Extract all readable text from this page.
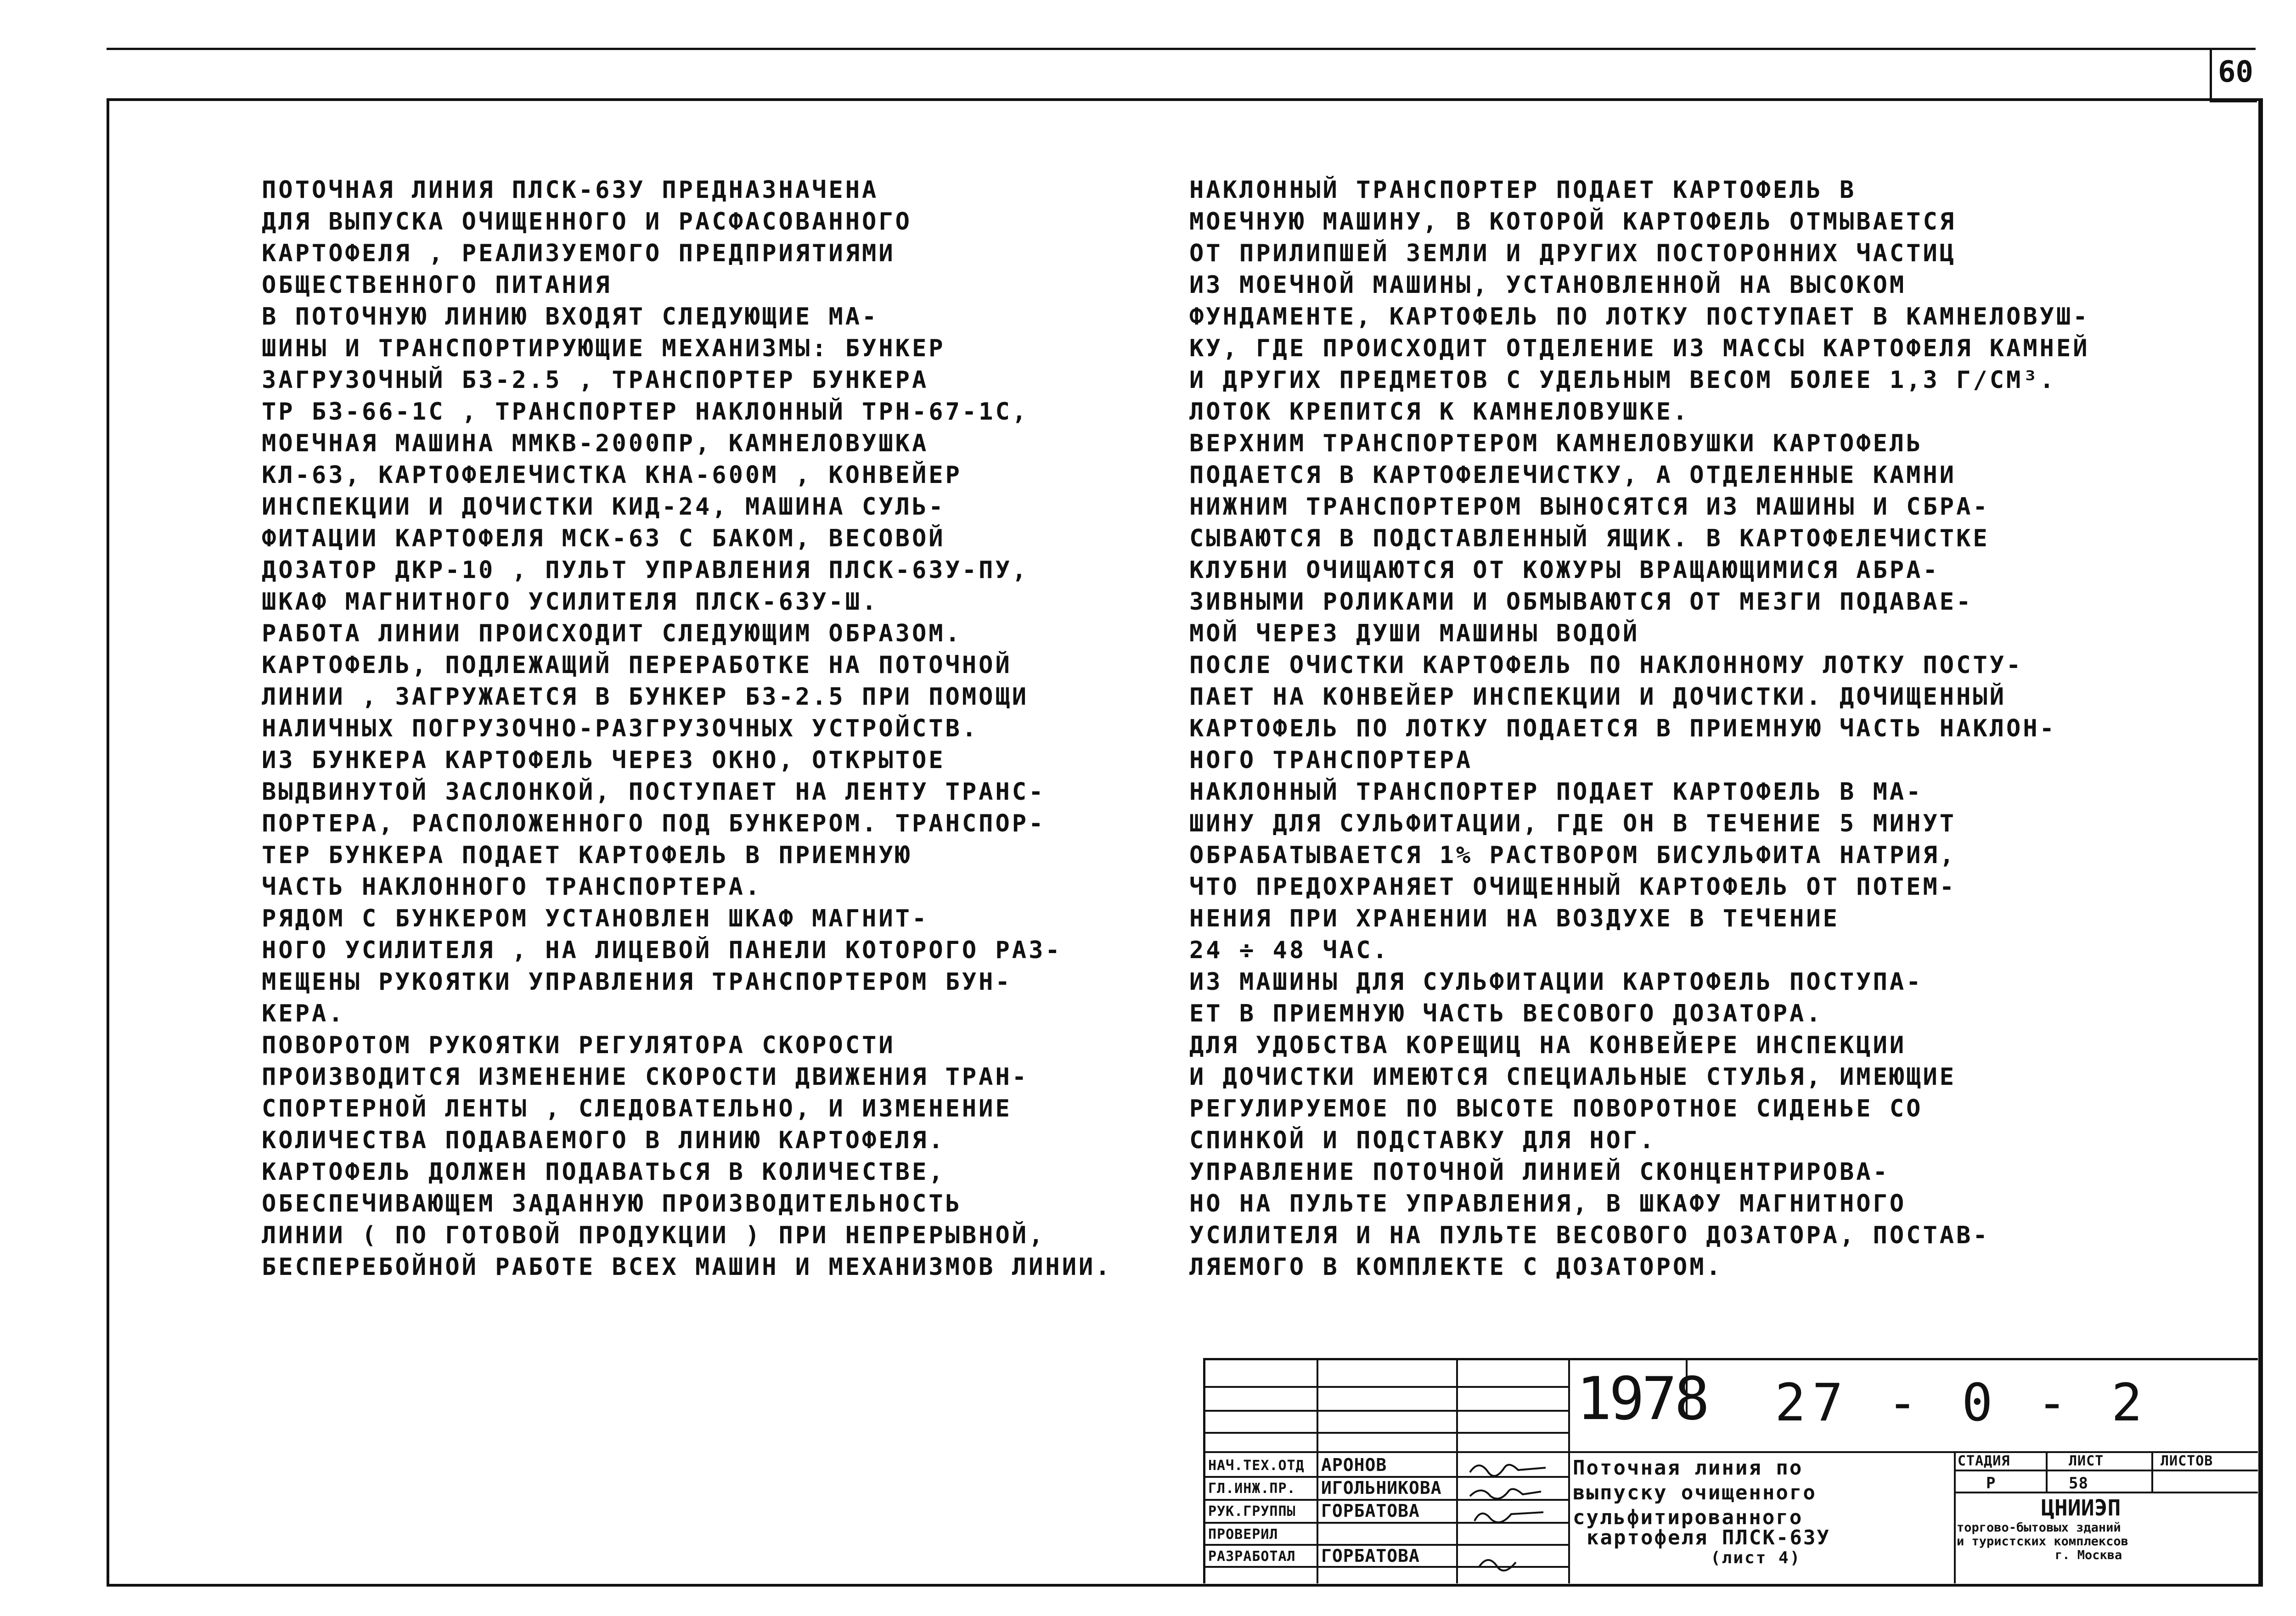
60
ПОТОЧНАЯ ЛИНИЯ ПЛСК-63У ПРЕДНАЗНАЧЕНА
ДЛЯ ВЫПУСКА ОЧИЩЕННОГО И РАСФАСОВАННОГО
КАРТОФЕЛЯ , РЕАЛИЗУЕМОГО ПРЕДПРИЯТИЯМИ
ОБЩЕСТВЕННОГО ПИТАНИЯ
В ПОТОЧНУЮ ЛИНИЮ ВХОДЯТ СЛЕДУЮЩИЕ МА-
ШИНЫ И ТРАНСПОРТИРУЮЩИЕ МЕХАНИЗМЫ: БУНКЕР
ЗАГРУЗОЧНЫЙ БЗ-2.5 , ТРАНСПОРТЕР БУНКЕРА
ТР БЗ-66-1С , ТРАНСПОРТЕР НАКЛОННЫЙ ТРН-67-1С,
МОЕЧНАЯ МАШИНА ММКВ-2000ПР, КАМНЕЛОВУШКА
КЛ-63, КАРТОФЕЛЕЧИСТКА КНА-600М , КОНВЕЙЕР
ИНСПЕКЦИИ И ДОЧИСТКИ КИД-24, МАШИНА СУЛЬ-
ФИТАЦИИ КАРТОФЕЛЯ МСК-63 С БАКОМ, ВЕСОВОЙ
ДОЗАТОР ДКР-10 , ПУЛЬТ УПРАВЛЕНИЯ ПЛСК-63У-ПУ,
ШКАФ МАГНИТНОГО УСИЛИТЕЛЯ ПЛСК-63У-Ш.
РАБОТА ЛИНИИ ПРОИСХОДИТ СЛЕДУЮЩИМ ОБРАЗОМ.
КАРТОФЕЛЬ, ПОДЛЕЖАЩИЙ ПЕРЕРАБОТКЕ НА ПОТОЧНОЙ
ЛИНИИ , ЗАГРУЖАЕТСЯ В БУНКЕР БЗ-2.5 ПРИ ПОМОЩИ
НАЛИЧНЫХ ПОГРУЗОЧНО-РАЗГРУЗОЧНЫХ УСТРОЙСТВ.
ИЗ БУНКЕРА КАРТОФЕЛЬ ЧЕРЕЗ ОКНО, ОТКРЫТОЕ
ВЫДВИНУТОЙ ЗАСЛОНКОЙ, ПОСТУПАЕТ НА ЛЕНТУ ТРАНС-
ПОРТЕРА, РАСПОЛОЖЕННОГО ПОД БУНКЕРОМ. ТРАНСПОР-
ТЕР БУНКЕРА ПОДАЕТ КАРТОФЕЛЬ В ПРИЕМНУЮ
ЧАСТЬ НАКЛОННОГО ТРАНСПОРТЕРА.
РЯДОМ С БУНКЕРОМ УСТАНОВЛЕН ШКАФ МАГНИТ-
НОГО УСИЛИТЕЛЯ , НА ЛИЦЕВОЙ ПАНЕЛИ КОТОРОГО РАЗ-
МЕЩЕНЫ РУКОЯТКИ УПРАВЛЕНИЯ ТРАНСПОРТЕРОМ БУН-
КЕРА.
ПОВОРОТОМ РУКОЯТКИ РЕГУЛЯТОРА СКОРОСТИ
ПРОИЗВОДИТСЯ ИЗМЕНЕНИЕ СКОРОСТИ ДВИЖЕНИЯ ТРАН-
СПОРТЕРНОЙ ЛЕНТЫ , СЛЕДОВАТЕЛЬНО, И ИЗМЕНЕНИЕ
КОЛИЧЕСТВА ПОДАВАЕМОГО В ЛИНИЮ КАРТОФЕЛЯ.
КАРТОФЕЛЬ ДОЛЖЕН ПОДАВАТЬСЯ В КОЛИЧЕСТВЕ,
ОБЕСПЕЧИВАЮЩЕМ ЗАДАННУЮ ПРОИЗВОДИТЕЛЬНОСТЬ
ЛИНИИ ( ПО ГОТОВОЙ ПРОДУКЦИИ ) ПРИ НЕПРЕРЫВНОЙ,
БЕСПЕРЕБОЙНОЙ РАБОТЕ ВСЕХ МАШИН И МЕХАНИЗМОВ ЛИНИИ.
НАКЛОННЫЙ ТРАНСПОРТЕР ПОДАЕТ КАРТОФЕЛЬ В
МОЕЧНУЮ МАШИНУ, В КОТОРОЙ КАРТОФЕЛЬ ОТМЫВАЕТСЯ
ОТ ПРИЛИПШЕЙ ЗЕМЛИ И ДРУГИХ ПОСТОРОННИХ ЧАСТИЦ
ИЗ МОЕЧНОЙ МАШИНЫ, УСТАНОВЛЕННОЙ НА ВЫСОКОМ
ФУНДАМЕНТЕ, КАРТОФЕЛЬ ПО ЛОТКУ ПОСТУПАЕТ В КАМНЕЛОВУШ-
КУ, ГДЕ ПРОИСХОДИТ ОТДЕЛЕНИЕ ИЗ МАССЫ КАРТОФЕЛЯ КАМНЕЙ
И ДРУГИХ ПРЕДМЕТОВ С УДЕЛЬНЫМ ВЕСОМ БОЛЕЕ 1,3 Г/СМ³.
ЛОТОК КРЕПИТСЯ К КАМНЕЛОВУШКЕ.
ВЕРХНИМ ТРАНСПОРТЕРОМ КАМНЕЛОВУШКИ КАРТОФЕЛЬ
ПОДАЕТСЯ В КАРТОФЕЛЕЧИСТКУ, А ОТДЕЛЕННЫЕ КАМНИ
НИЖНИМ ТРАНСПОРТЕРОМ ВЫНОСЯТСЯ ИЗ МАШИНЫ И СБРА-
СЫВАЮТСЯ В ПОДСТАВЛЕННЫЙ ЯЩИК. В КАРТОФЕЛЕЧИСТКЕ
КЛУБНИ ОЧИЩАЮТСЯ ОТ КОЖУРЫ ВРАЩАЮЩИМИСЯ АБРА-
ЗИВНЫМИ РОЛИКАМИ И ОБМЫВАЮТСЯ ОТ МЕЗГИ ПОДАВАЕ-
МОЙ ЧЕРЕЗ ДУШИ МАШИНЫ ВОДОЙ
ПОСЛЕ ОЧИСТКИ КАРТОФЕЛЬ ПО НАКЛОННОМУ ЛОТКУ ПОСТУ-
ПАЕТ НА КОНВЕЙЕР ИНСПЕКЦИИ И ДОЧИСТКИ. ДОЧИЩЕННЫЙ
КАРТОФЕЛЬ ПО ЛОТКУ ПОДАЕТСЯ В ПРИЕМНУЮ ЧАСТЬ НАКЛОН-
НОГО ТРАНСПОРТЕРА
НАКЛОННЫЙ ТРАНСПОРТЕР ПОДАЕТ КАРТОФЕЛЬ В МА-
ШИНУ ДЛЯ СУЛЬФИТАЦИИ, ГДЕ ОН В ТЕЧЕНИЕ 5 МИНУТ
ОБРАБАТЫВАЕТСЯ 1% РАСТВОРОМ БИСУЛЬФИТА НАТРИЯ,
ЧТО ПРЕДОХРАНЯЕТ ОЧИЩЕННЫЙ КАРТОФЕЛЬ ОТ ПОТЕМ-
НЕНИЯ ПРИ ХРАНЕНИИ НА ВОЗДУХЕ В ТЕЧЕНИЕ
24 ÷ 48 ЧАС.
ИЗ МАШИНЫ ДЛЯ СУЛЬФИТАЦИИ КАРТОФЕЛЬ ПОСТУПА-
ЕТ В ПРИЕМНУЮ ЧАСТЬ ВЕСОВОГО ДОЗАТОРА.
ДЛЯ УДОБСТВА КОРЕЩИЦ НА КОНВЕЙЕРЕ ИНСПЕКЦИИ
И ДОЧИСТКИ ИМЕЮТСЯ СПЕЦИАЛЬНЫЕ СТУЛЬЯ, ИМЕЮЩИЕ
РЕГУЛИРУЕМОЕ ПО ВЫСОТЕ ПОВОРОТНОЕ СИДЕНЬЕ СО
СПИНКОЙ И ПОДСТАВКУ ДЛЯ НОГ.
УПРАВЛЕНИЕ ПОТОЧНОЙ ЛИНИЕЙ СКОНЦЕНТРИРОВА-
НО НА ПУЛЬТЕ УПРАВЛЕНИЯ, В ШКАФУ МАГНИТНОГО
УСИЛИТЕЛЯ И НА ПУЛЬТЕ ВЕСОВОГО ДОЗАТОРА, ПОСТАВ-
ЛЯЕМОГО В КОМПЛЕКТЕ С ДОЗАТОРОМ.
НАЧ.ТЕХ.ОТД АРОНОВ
ГЛ.ИНЖ.ПР. ИГОЛЬНИКОВА
РУК.ГРУППЫ ГОРБАТОВА
ПРОВЕРИЛ
РАЗРАБОТАЛ ГОРБАТОВА
1978 27 - 0 - 2
Поточная линия по
выпуску очищенного
сульфитированного
картофеля ПЛСК-63У
(лист 4)
СТАДИЯ	ЛИСТ	ЛИСТОВ
Р	58
ЦНИИЭП
торгово-бытовых зданий
и туристских комплексов
г. Москва
